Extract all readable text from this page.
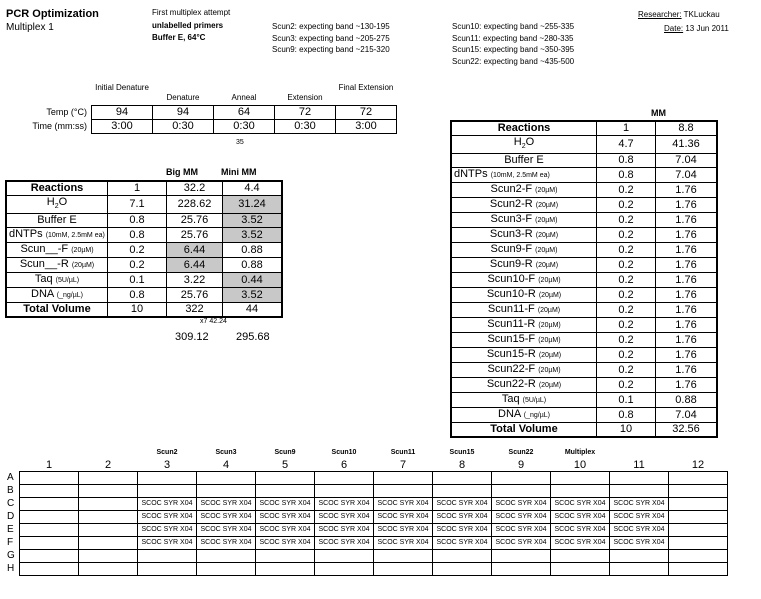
PCR Optimization
Multiplex 1
First multiplex attempt
unlabelled primers
Buffer E, 64°C
Scun2: expecting band ~130-195
Scun3: expecting band ~205-275
Scun9: expecting band ~215-320
Scun10: expecting band ~255-335
Scun11: expecting band ~280-335
Scun15: expecting band ~350-395
Scun22: expecting band ~435-500
Researcher: TKLuckau
Date: 13 Jun 2011
Initial Denature
Denature	Anneal	Extension
Final Extension
Temp (°C)	94	94	64	72	72
Time (mm:ss)	3:00	0:30	0:30	0:30	3:00
35
Big MM	Mini MM
Reactions	1	32.2	4.4
$H_2O$	7.1	228.62	31.24
Buffer E	0.8	25.76	3.52
dNTPs (10mM, 2.5mM ea)	0.8	25.76	3.52
Scun__-F (20µM)	0.2	6.44	0.88
Scun__-R (20µM)	0.2	6.44	0.88
Taq (5U/µL)	0.1	3.22	0.44
DNA (_ng/µL)	0.8	25.76	3.52
Total Volume	10	322	44
x7 42.24
309.12 295.68
MM
Reactions	1	8.8
$H_2O$	4.7	41.36
Buffer E	0.8	7.04
dNTPs (10mM, 2.5mM ea)	0.8	7.04
Scun2-F (20µM)	0.2	1.76
Scun2-R (20µM)	0.2	1.76
Scun3-F (20µM)	0.2	1.76
Scun3-R (20µM)	0.2	1.76
Scun9-F (20µM)	0.2	1.76
Scun9-R (20µM)	0.2	1.76
Scun10-F (20µM)	0.2	1.76
Scun10-R (20µM)	0.2	1.76
Scun11-F (20µM)	0.2	1.76
Scun11-R (20µM)	0.2	1.76
Scun15-F (20µM)	0.2	1.76
Scun15-R (20µM)	0.2	1.76
Scun22-F (20µM)	0.2	1.76
Scun22-R (20µM)	0.2	1.76
Taq (5U/µL)	0.1	0.88
DNA (_ng/µL)	0.8	7.04
Total Volume	10	32.56
			Scun2	Scun3	Scun9	Scun10	Scun11	Scun15	Scun22	Multiplex		
	1	2	3	4	5	6	7	8	9	10	11	12
A												
B												
C			SCOC SYR X04	SCOC SYR X04	SCOC SYR X04	SCOC SYR X04	SCOC SYR X04	SCOC SYR X04	SCOC SYR X04	SCOC SYR X04	SCOC SYR X04	
D			SCOC SYR X04	SCOC SYR X04	SCOC SYR X04	SCOC SYR X04	SCOC SYR X04	SCOC SYR X04	SCOC SYR X04	SCOC SYR X04	SCOC SYR X04	
E			SCOC SYR X04	SCOC SYR X04	SCOC SYR X04	SCOC SYR X04	SCOC SYR X04	SCOC SYR X04	SCOC SYR X04	SCOC SYR X04	SCOC SYR X04	
F			SCOC SYR X04	SCOC SYR X04	SCOC SYR X04	SCOC SYR X04	SCOC SYR X04	SCOC SYR X04	SCOC SYR X04	SCOC SYR X04	SCOC SYR X04	
G												
H												
